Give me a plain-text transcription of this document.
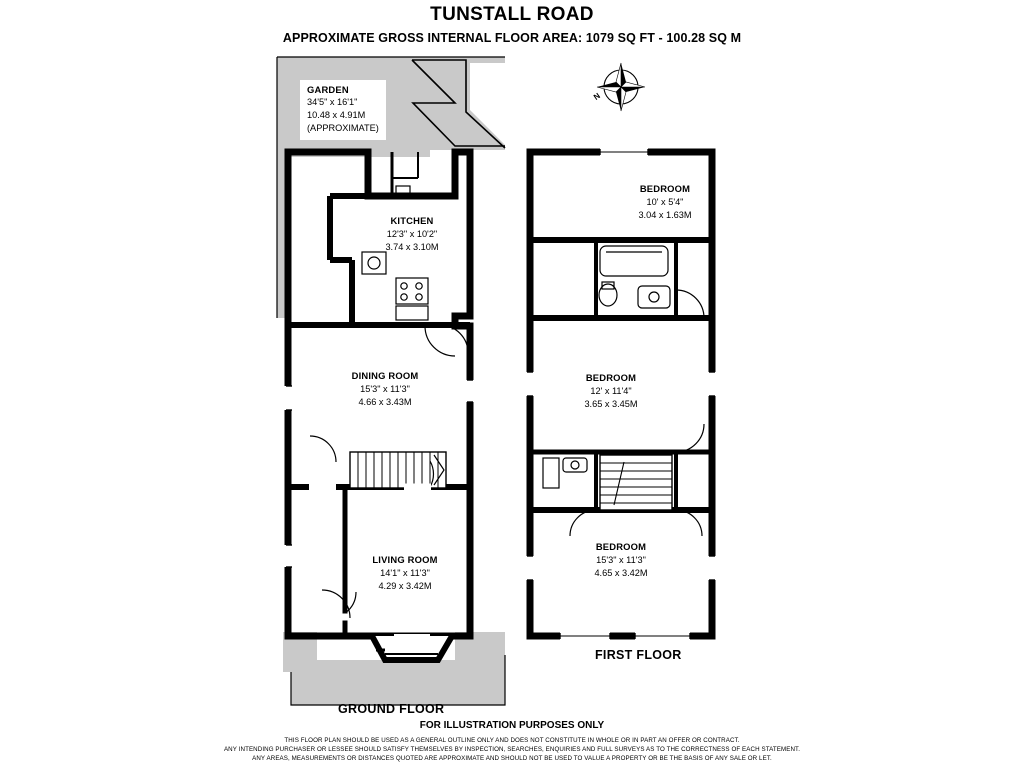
TUNSTALL ROAD
APPROXIMATE GROSS INTERNAL FLOOR AREA: 1079 SQ FT - 100.28 SQ M
N
GARDEN
34'5" x 16'1"
10.48 x 4.91M
(APPROXIMATE)
KITCHEN
12'3" x 10'2"
3.74 x 3.10M
DINING ROOM
15'3" x 11'3"
4.66 x 3.43M
LIVING ROOM
14'1" x 11'3"
4.29 x 3.42M
BEDROOM
10' x 5'4"
3.04 x 1.63M
BEDROOM
12' x 11'4"
3.65 x 3.45M
BEDROOM
15'3" x 11'3"
4.65 x 3.42M
GROUND FLOOR
FIRST FLOOR
FOR ILLUSTRATION PURPOSES ONLY
THIS FLOOR PLAN SHOULD BE USED AS A GENERAL OUTLINE ONLY AND DOES NOT CONSTITUTE IN WHOLE OR IN PART AN OFFER OR CONTRACT.
ANY INTENDING PURCHASER OR LESSEE SHOULD SATISFY THEMSELVES BY INSPECTION, SEARCHES, ENQUIRIES AND FULL SURVEYS AS TO THE CORRECTNESS OF EACH STATEMENT.
ANY AREAS, MEASUREMENTS OR DISTANCES QUOTED ARE APPROXIMATE AND SHOULD NOT BE USED TO VALUE A PROPERTY OR BE THE BASIS OF ANY SALE OR LET.
